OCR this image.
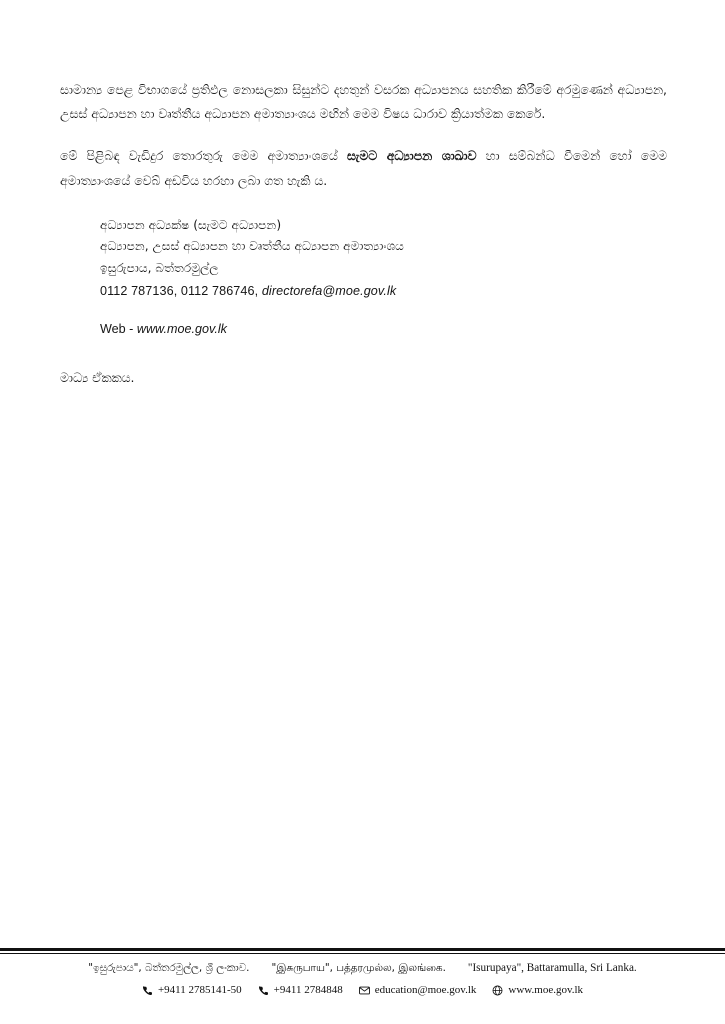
සාමාන්‍ය පෙළ විභාගයේ ප්‍රතිඵල නොසලකා සිසුන්ට දහතුන් වසරක අධ්‍යාපනය සහතික කිරීමේ අරමුණෙන් අධ්‍යාපන, උසස් අධ්‍යාපන හා වෘත්තීය අධ්‍යාපන අමාත්‍යාංශය මඟින් මෙම විෂය ධාරාව ක්‍රියාත්මක කෙරේ.

මේ පිළිබඳ වැඩිදුර තොරතුරු මෙම අමාත්‍යාංශයේ සැමට අධ්‍යාපන ශාඛාව හා සම්බන්ධ වීමෙන් හෝ මෙම අමාත්‍යාංශයේ වෙබ් අඩවිය හරහා ලබා ගත හැකි ය.

අධ්‍යාපන අධ්‍යක්ෂ (සැමට අධ්‍යාපන)
අධ්‍යාපන, උසස් අධ්‍යාපන හා වෘත්තීය අධ්‍යාපන අමාත්‍යාංශය
ඉසුරුපාය, බත්තරමුල්ල
0112 787136, 0112 786746, directorefa@moe.gov.lk
Web - www.moe.gov.lk
මාධ්‍ය ඒකකය.
"ඉසුරුපාය", බත්තරමුල්ල, ශ්‍රී ලංකාව. "இசுருபாய", பத்தரமுல்ல, இலங்கை. "Isurupaya", Battaramulla, Sri Lanka.
+9411 2785141-50	+9411 2784848	education@moe.gov.lk	www.moe.gov.lk
